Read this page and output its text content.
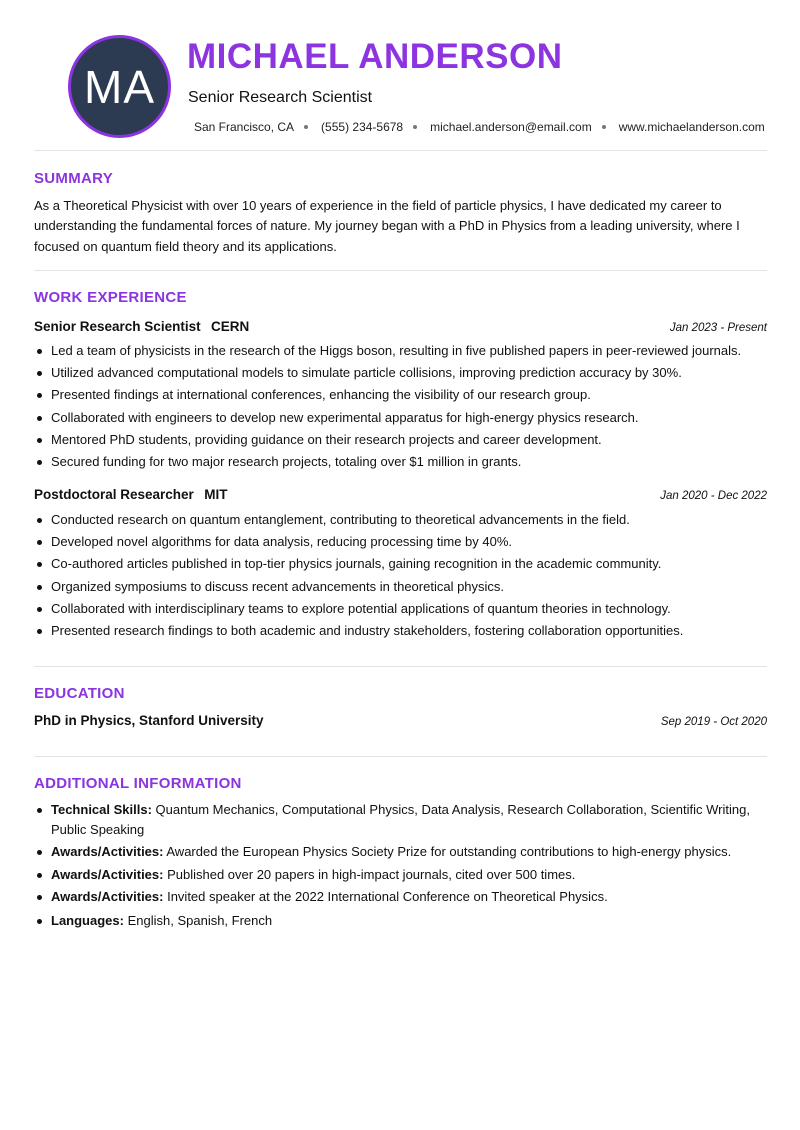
MA
MICHAEL ANDERSON
Senior Research Scientist
San Francisco, CA (555) 234-5678 michael.anderson@email.com www.michaelanderson.com
SUMMARY
As a Theoretical Physicist with over 10 years of experience in the field of particle physics, I have dedicated my career to understanding the fundamental forces of nature. My journey began with a PhD in Physics from a leading university, where I focused on quantum field theory and its applications.
WORK EXPERIENCE
Senior Research Scientist CERN	Jan 2023 - Present
Led a team of physicists in the research of the Higgs boson, resulting in five published papers in peer-reviewed journals.
Utilized advanced computational models to simulate particle collisions, improving prediction accuracy by 30%.
Presented findings at international conferences, enhancing the visibility of our research group.
Collaborated with engineers to develop new experimental apparatus for high-energy physics research.
Mentored PhD students, providing guidance on their research projects and career development.
Secured funding for two major research projects, totaling over $1 million in grants.
Postdoctoral Researcher MIT	Jan 2020 - Dec 2022
Conducted research on quantum entanglement, contributing to theoretical advancements in the field.
Developed novel algorithms for data analysis, reducing processing time by 40%.
Co-authored articles published in top-tier physics journals, gaining recognition in the academic community.
Organized symposiums to discuss recent advancements in theoretical physics.
Collaborated with interdisciplinary teams to explore potential applications of quantum theories in technology.
Presented research findings to both academic and industry stakeholders, fostering collaboration opportunities.
EDUCATION
PhD in Physics, Stanford University	Sep 2019 - Oct 2020
ADDITIONAL INFORMATION
Technical Skills: Quantum Mechanics, Computational Physics, Data Analysis, Research Collaboration, Scientific Writing, Public Speaking
Awards/Activities: Awarded the European Physics Society Prize for outstanding contributions to high-energy physics.
Awards/Activities: Published over 20 papers in high-impact journals, cited over 500 times.
Awards/Activities: Invited speaker at the 2022 International Conference on Theoretical Physics.
Languages: English, Spanish, French
